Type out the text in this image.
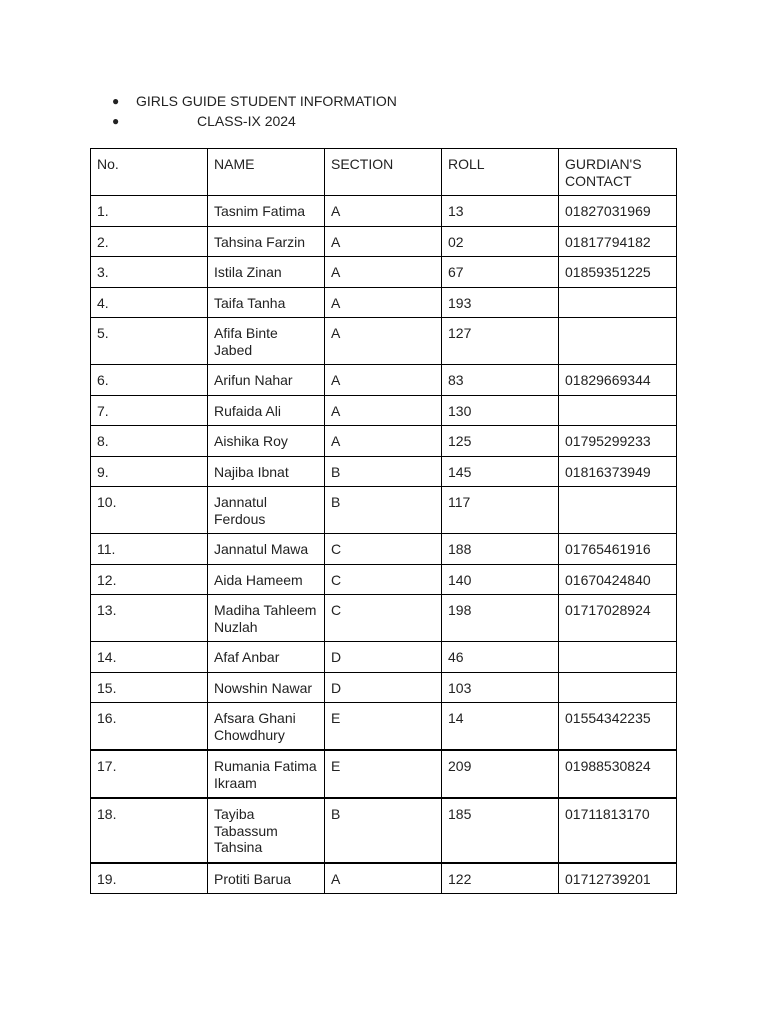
● GIRLS GUIDE STUDENT INFORMATION
●	CLASS-IX 2024
No.	NAME	SECTION	ROLL	GURDIAN'S CONTACT
1.	Tasnim Fatima	A	13	01827031969
2.	Tahsina Farzin	A	02	01817794182
3.	Istila Zinan	A	67	01859351225
4.	Taifa Tanha	A	193	
5.	Afifa Binte Jabed	A	127	
6.	Arifun Nahar	A	83	01829669344
7.	Rufaida Ali	A	130	
8.	Aishika Roy	A	125	01795299233
9.	Najiba Ibnat	B	145	01816373949
10.	Jannatul Ferdous	B	117	
11.	Jannatul Mawa	C	188	01765461916
12.	Aida Hameem	C	140	01670424840
13.	Madiha Tahleem Nuzlah	C	198	01717028924
14.	Afaf Anbar	D	46	
15.	Nowshin Nawar	D	103	
16.	Afsara Ghani Chowdhury	E	14	01554342235
17.	Rumania Fatima Ikraam	E	209	01988530824
18.	Tayiba Tabassum Tahsina	B	185	01711813170
19.	Protiti Barua	A	122	01712739201
